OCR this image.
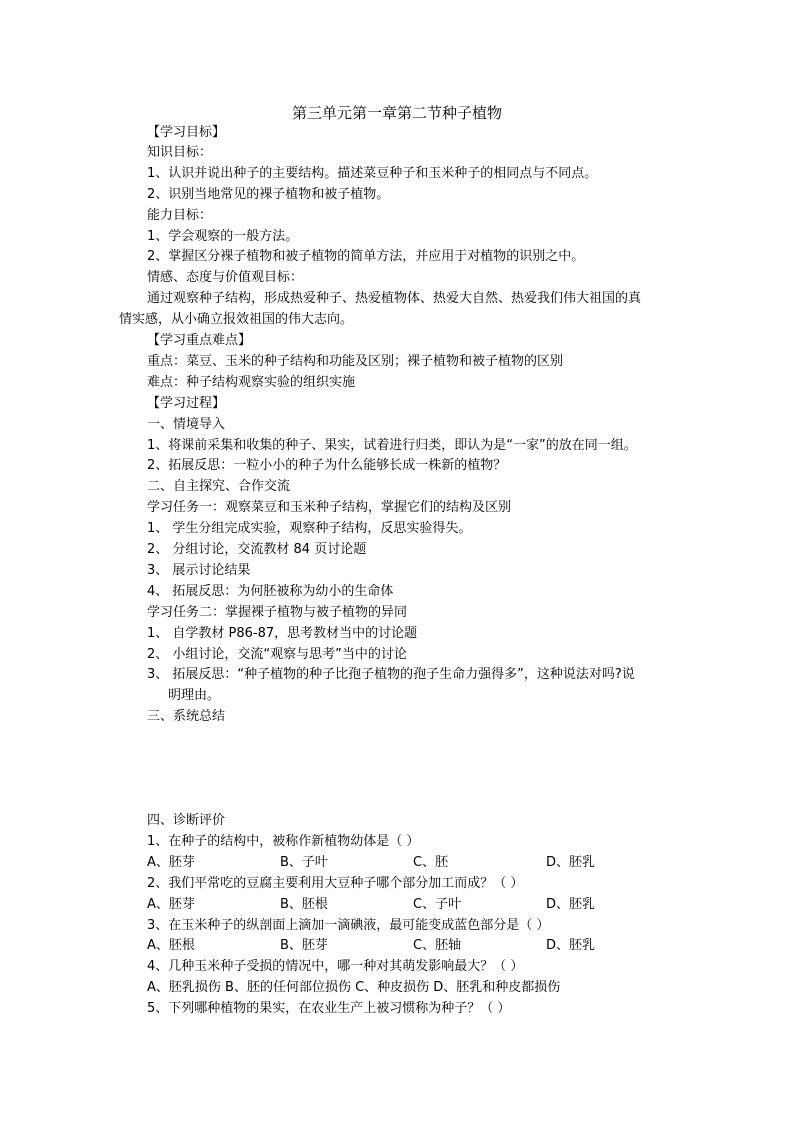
第三单元第一章第二节种子植物
【学习目标】
知识目标：
1、认识并说出种子的主要结构。描述菜豆种子和玉米种子的相同点与不同点。
2、识别当地常见的裸子植物和被子植物。
能力目标：
1、学会观察的一般方法。
2、掌握区分裸子植物和被子植物的简单方法，并应用于对植物的识别之中。
情感、态度与价值观目标：
通过观察种子结构，形成热爱种子、热爱植物体、热爱大自然、热爱我们伟大祖国的真
情实感，从小确立报效祖国的伟大志向。
【学习重点难点】
重点：菜豆、玉米的种子结构和功能及区别；裸子植物和被子植物的区别
难点：种子结构观察实验的组织实施
【学习过程】
一、情境导入
1、将课前采集和收集的种子、果实，试着进行归类，即认为是“一家”的放在同一组。
2、拓展反思：一粒小小的种子为什么能够长成一株新的植物？
二、自主探究、合作交流
学习任务一：观察菜豆和玉米种子结构，掌握它们的结构及区别
1、 学生分组完成实验，观察种子结构，反思实验得失。
2、 分组讨论，交流教材 84 页讨论题
3、 展示讨论结果
4、 拓展反思：为何胚被称为幼小的生命体
学习任务二：掌握裸子植物与被子植物的异同
1、 自学教材 P86-87，思考教材当中的讨论题
2、 小组讨论，交流“观察与思考”当中的讨论
3、 拓展反思：“种子植物的种子比孢子植物的孢子生命力强得多”，这种说法对吗?说
明理由。
三、系统总结
四、诊断评价
1、在种子的结构中，被称作新植物幼体是（ ）
A、胚芽	B、子叶	C、胚	D、胚乳
2、我们平常吃的豆腐主要利用大豆种子哪个部分加工而成？（ ）
A、胚芽	B、胚根	C、子叶	D、胚乳
3、在玉米种子的纵剖面上滴加一滴碘液，最可能变成蓝色部分是（ ）
A、胚根	B、胚芽	C、胚轴	D、胚乳
4、几种玉米种子受损的情况中，哪一种对其萌发影响最大？（ ）
A、胚乳损伤 B、胚的任何部位损伤 C、种皮损伤 D、胚乳和种皮都损伤
5、下列哪种植物的果实，在农业生产上被习惯称为种子？（ ）
